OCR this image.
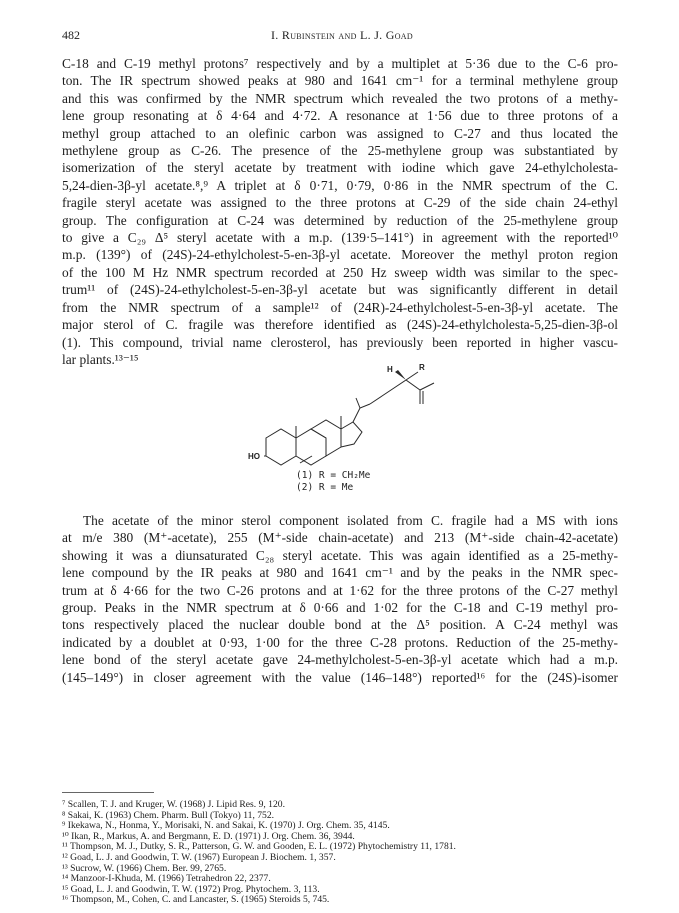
482	I. Rubinstein and L. J. Goad
C-18 and C-19 methyl protons⁷ respectively and by a multiplet at 5·36 due to the C-6 pro-
ton. The IR spectrum showed peaks at 980 and 1641 cm⁻¹ for a terminal methylene group
and this was confirmed by the NMR spectrum which revealed the two protons of a methy-
lene group resonating at δ 4·64 and 4·72. A resonance at 1·56 due to three protons of a
methyl group attached to an olefinic carbon was assigned to C-27 and thus located the
methylene group as C-26. The presence of the 25-methylene group was substantiated by
isomerization of the steryl acetate by treatment with iodine which gave 24-ethylcholesta-
5,24-dien-3β-yl acetate.⁸,⁹ A triplet at δ 0·71, 0·79, 0·86 in the NMR spectrum of the C.
fragile steryl acetate was assigned to the three protons at C-29 of the side chain 24-ethyl
group. The configuration at C-24 was determined by reduction of the 25-methylene group
to give a C₂₉ Δ⁵ steryl acetate with a m.p. (139·5–141°) in agreement with the reported¹⁰
m.p. (139°) of (24S)-24-ethylcholest-5-en-3β-yl acetate. Moreover the methyl proton region
of the 100 M Hz NMR spectrum recorded at 250 Hz sweep width was similar to the spec-
trum¹¹ of (24S)-24-ethylcholest-5-en-3β-yl acetate but was significantly different in detail
from the NMR spectrum of a sample¹² of (24R)-24-ethylcholest-5-en-3β-yl acetate. The
major sterol of C. fragile was therefore identified as (24S)-24-ethylcholesta-5,25-dien-3β-ol
(1). This compound, trivial name clerosterol, has previously been reported in higher vascu-
lar plants.¹³⁻¹⁵
H	R
HO
(1) R = CH₂Me
(2) R = Me
The acetate of the minor sterol component isolated from C. fragile had a MS with ions
at m/e 380 (M⁺-acetate), 255 (M⁺-side chain-acetate) and 213 (M⁺-side chain-42-acetate)
showing it was a diunsaturated C₂₈ steryl acetate. This was again identified as a 25-methy-
lene compound by the IR peaks at 980 and 1641 cm⁻¹ and by the peaks in the NMR spec-
trum at δ 4·66 for the two C-26 protons and at 1·62 for the three protons of the C-27 methyl
group. Peaks in the NMR spectrum at δ 0·66 and 1·02 for the C-18 and C-19 methyl pro-
tons respectively placed the nuclear double bond at the Δ⁵ position. A C-24 methyl was
indicated by a doublet at 0·93, 1·00 for the three C-28 protons. Reduction of the 25-methy-
lene bond of the steryl acetate gave 24-methylcholest-5-en-3β-yl acetate which had a m.p.
(145–149°) in closer agreement with the value (146–148°) reported¹⁶ for the (24S)-isomer
⁷ Scallen, T. J. and Kruger, W. (1968) J. Lipid Res. 9, 120.
⁸ Sakai, K. (1963) Chem. Pharm. Bull (Tokyo) 11, 752.
⁹ Ikekawa, N., Honma, Y., Morisaki, N. and Sakai, K. (1970) J. Org. Chem. 35, 4145.
¹⁰ Ikan, R., Markus, A. and Bergmann, E. D. (1971) J. Org. Chem. 36, 3944.
¹¹ Thompson, M. J., Dutky, S. R., Patterson, G. W. and Gooden, E. L. (1972) Phytochemistry 11, 1781.
¹² Goad, L. J. and Goodwin, T. W. (1967) European J. Biochem. 1, 357.
¹³ Sucrow, W. (1966) Chem. Ber. 99, 2765.
¹⁴ Manzoor-I-Khuda, M. (1966) Tetrahedron 22, 2377.
¹⁵ Goad, L. J. and Goodwin, T. W. (1972) Prog. Phytochem. 3, 113.
¹⁶ Thompson, M., Cohen, C. and Lancaster, S. (1965) Steroids 5, 745.
